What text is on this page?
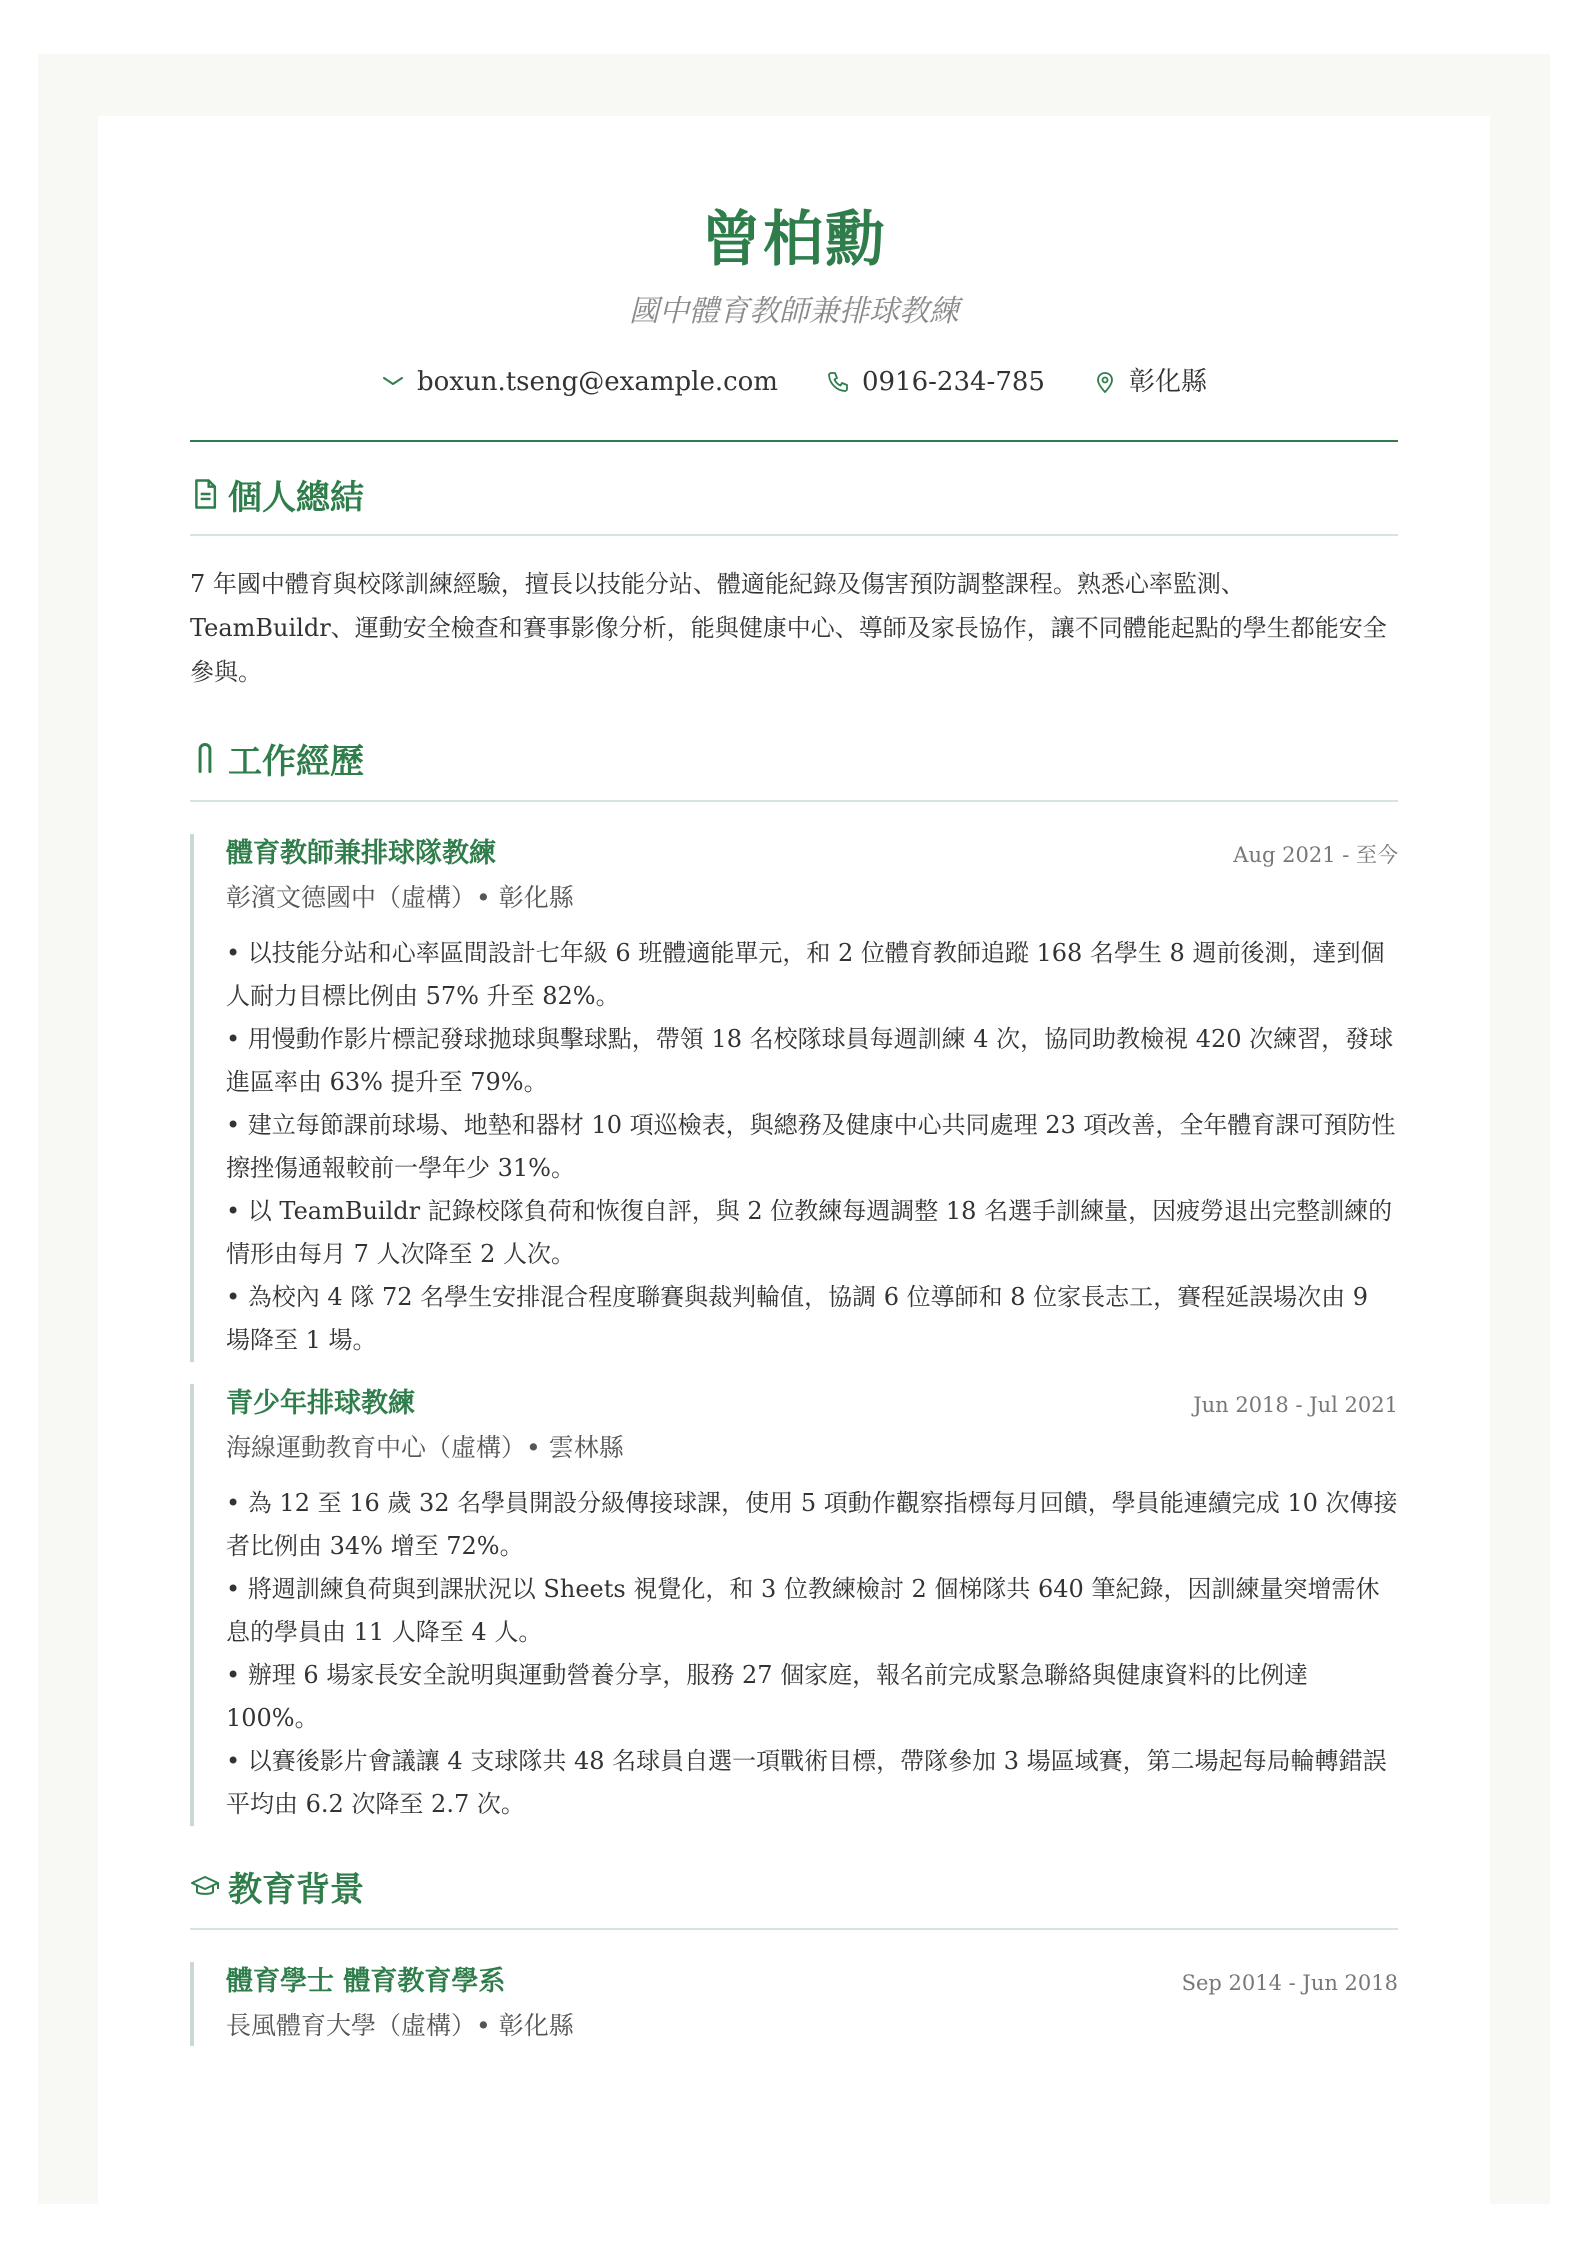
曾柏勳
國中體育教師兼排球教練
boxun.tseng@example.com	0916-234-785	彰化縣
個人總結
7 年國中體育與校隊訓練經驗，擅長以技能分站、體適能紀錄及傷害預防調整課程。熟悉心率監測、TeamBuildr、運動安全檢查和賽事影像分析，能與健康中心、導師及家長協作，讓不同體能起點的學生都能安全參與。
工作經歷
體育教師兼排球隊教練	Aug 2021 - 至今
彰濱文德國中（虛構）• 彰化縣
• 以技能分站和心率區間設計七年級 6 班體適能單元，和 2 位體育教師追蹤 168 名學生 8 週前後測，達到個人耐力目標比例由 57% 升至 82%。
• 用慢動作影片標記發球拋球與擊球點，帶領 18 名校隊球員每週訓練 4 次，協同助教檢視 420 次練習，發球進區率由 63% 提升至 79%。
• 建立每節課前球場、地墊和器材 10 項巡檢表，與總務及健康中心共同處理 23 項改善，全年體育課可預防性擦挫傷通報較前一學年少 31%。
• 以 TeamBuildr 記錄校隊負荷和恢復自評，與 2 位教練每週調整 18 名選手訓練量，因疲勞退出完整訓練的情形由每月 7 人次降至 2 人次。
• 為校內 4 隊 72 名學生安排混合程度聯賽與裁判輪值，協調 6 位導師和 8 位家長志工，賽程延誤場次由 9 場降至 1 場。
青少年排球教練	Jun 2018 - Jul 2021
海線運動教育中心（虛構）• 雲林縣
• 為 12 至 16 歲 32 名學員開設分級傳接球課，使用 5 項動作觀察指標每月回饋，學員能連續完成 10 次傳接者比例由 34% 增至 72%。
• 將週訓練負荷與到課狀況以 Sheets 視覺化，和 3 位教練檢討 2 個梯隊共 640 筆紀錄，因訓練量突增需休息的學員由 11 人降至 4 人。
• 辦理 6 場家長安全說明與運動營養分享，服務 27 個家庭，報名前完成緊急聯絡與健康資料的比例達 100%。
• 以賽後影片會議讓 4 支球隊共 48 名球員自選一項戰術目標，帶隊參加 3 場區域賽，第二場起每局輪轉錯誤平均由 6.2 次降至 2.7 次。
教育背景
體育學士 體育教育學系	Sep 2014 - Jun 2018
長風體育大學（虛構）• 彰化縣
